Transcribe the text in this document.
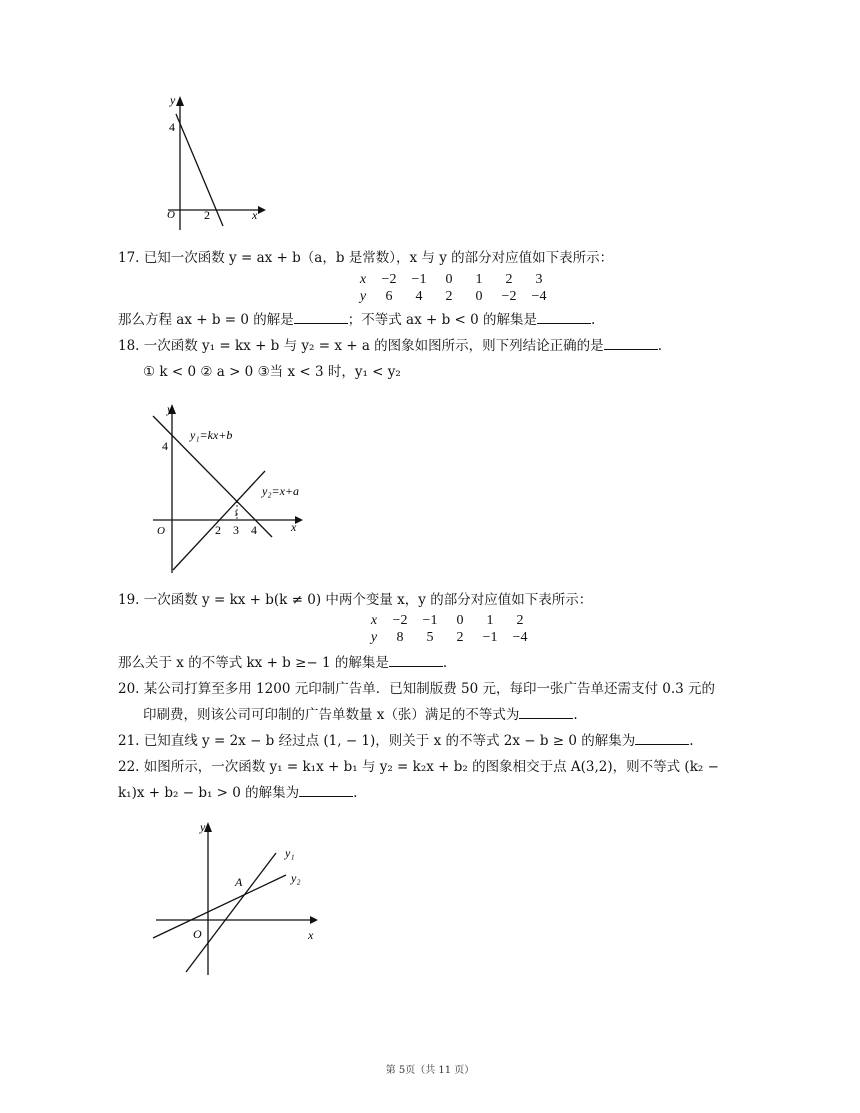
y
x
O
4
2
17. 已知一次函数 y = ax + b（a，b 是常数），x 与 y 的部分对应值如下表所示：
x	−2	−1	0	1	2	3
y	6	4	2	0	−2	−4
那么方程 ax + b = 0 的解是	；不等式 ax + b < 0 的解集是	.
18. 一次函数 y₁ = kx + b 与 y₂ = x + a 的图象如图所示，则下列结论正确的是	.
① k < 0 ② a > 0 ③当 x < 3 时，y₁ < y₂
y
x
O
4
2 3 4
1
y₁=kx+b
y₂=x+a
19. 一次函数 y = kx + b(k ≠ 0) 中两个变量 x，y 的部分对应值如下表所示：
x	−2	−1	0	1	2
y	8	5	2	−1	−4
那么关于 x 的不等式 kx + b ≥− 1 的解集是	.
20. 某公司打算至多用 1200 元印制广告单．已知制版费 50 元，每印一张广告单还需支付 0.3 元的
印刷费，则该公司可印制的广告单数量 x（张）满足的不等式为	.
21. 已知直线 y = 2x − b 经过点 (1, − 1)，则关于 x 的不等式 2x − b ≥ 0 的解集为	.
22. 如图所示，一次函数 y₁ = k₁x + b₁ 与 y₂ = k₂x + b₂ 的图象相交于点 A(3,2)，则不等式 (k₂ −
k₁)x + b₂ − b₁ > 0 的解集为	.
y
x
O
A
y₁
y₂
第 5页（共 11 页）
